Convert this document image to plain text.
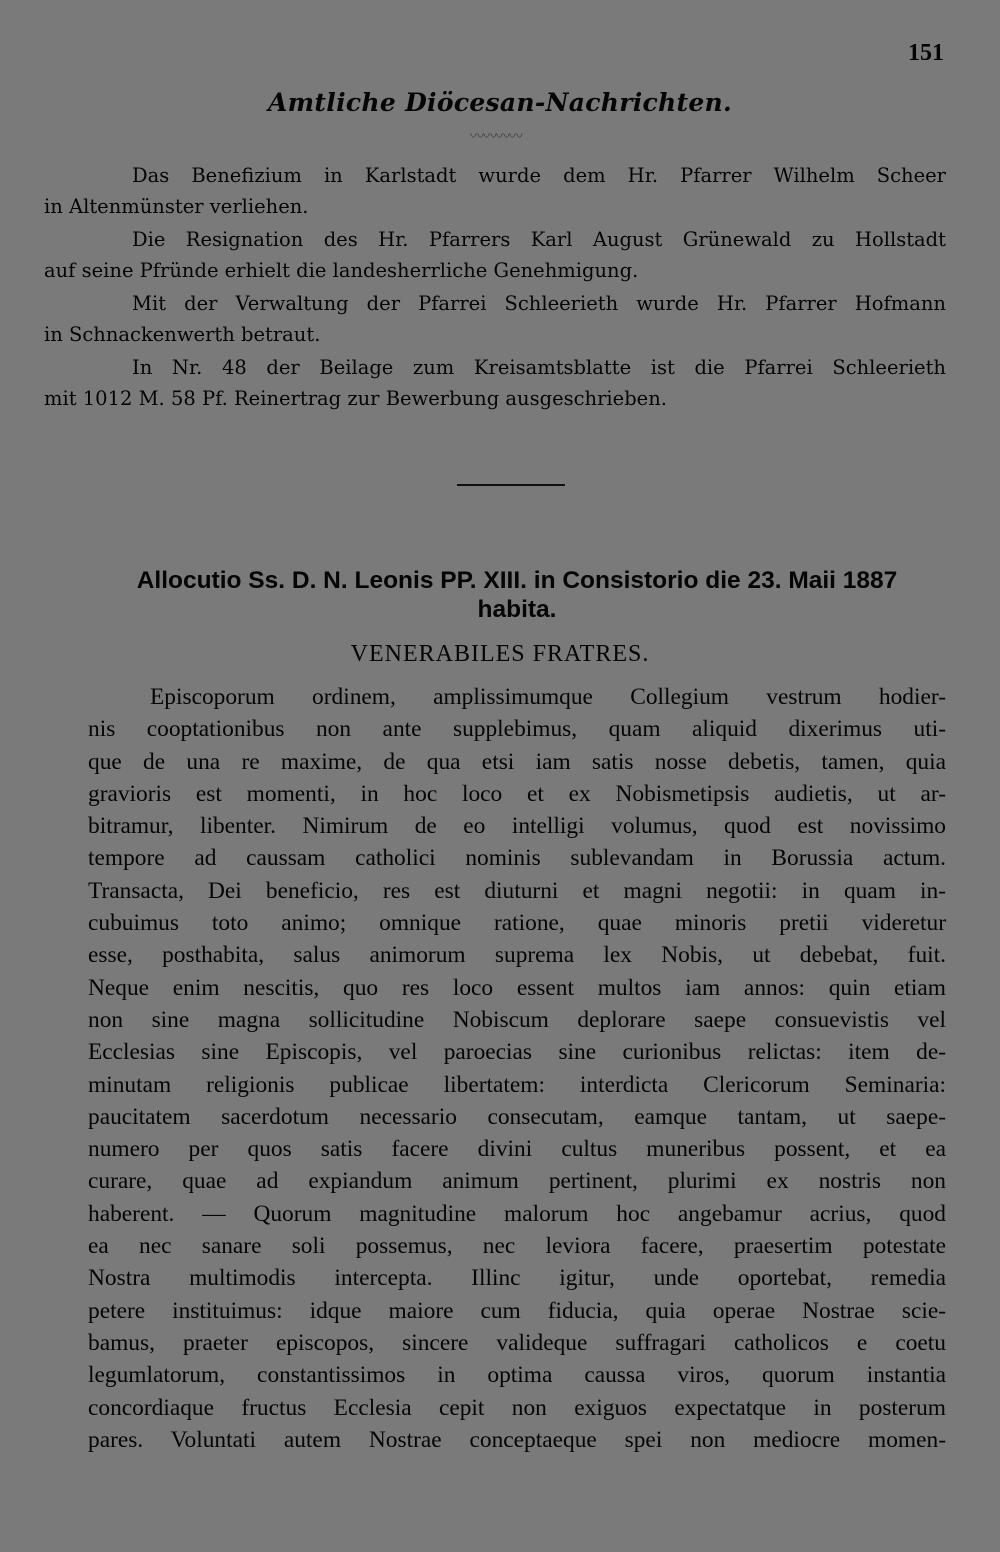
151
Amtliche Diöcesan-Nachrichten.
〰〰〰〰
Das Benefizium in Karlstadt wurde dem Hr. Pfarrer Wilhelm Scheer
in Altenmünster verliehen.
Die Resignation des Hr. Pfarrers Karl August Grünewald zu Hollstadt
auf seine Pfründe erhielt die landesherrliche Genehmigung.
Mit der Verwaltung der Pfarrei Schleerieth wurde Hr. Pfarrer Hofmann
in Schnackenwerth betraut.
In Nr. 48 der Beilage zum Kreisamtsblatte ist die Pfarrei Schleerieth
mit 1012 M. 58 Pf. Reinertrag zur Bewerbung ausgeschrieben.
Allocutio Ss. D. N. Leonis PP. XIII. in Consistorio die 23. Maii 1887
habita.
VENERABILES FRATRES.
Episcoporum ordinem, amplissimumque Collegium vestrum hodier-
nis cooptationibus non ante supplebimus, quam aliquid dixerimus uti-
que de una re maxime, de qua etsi iam satis nosse debetis, tamen, quia
gravioris est momenti, in hoc loco et ex Nobismetipsis audietis, ut ar-
bitramur, libenter. Nimirum de eo intelligi volumus, quod est novissimo
tempore ad caussam catholici nominis sublevandam in Borussia actum.
Transacta, Dei beneficio, res est diuturni et magni negotii: in quam in-
cubuimus toto animo; omnique ratione, quae minoris pretii videretur
esse, posthabita, salus animorum suprema lex Nobis, ut debebat, fuit.
Neque enim nescitis, quo res loco essent multos iam annos: quin etiam
non sine magna sollicitudine Nobiscum deplorare saepe consuevistis vel
Ecclesias sine Episcopis, vel paroecias sine curionibus relictas: item de-
minutam religionis publicae libertatem: interdicta Clericorum Seminaria:
paucitatem sacerdotum necessario consecutam, eamque tantam, ut saepe-
numero per quos satis facere divini cultus muneribus possent, et ea
curare, quae ad expiandum animum pertinent, plurimi ex nostris non
haberent. — Quorum magnitudine malorum hoc angebamur acrius, quod
ea nec sanare soli possemus, nec leviora facere, praesertim potestate
Nostra multimodis intercepta. Illinc igitur, unde oportebat, remedia
petere instituimus: idque maiore cum fiducia, quia operae Nostrae scie-
bamus, praeter episcopos, sincere valideque suffragari catholicos e coetu
legumlatorum, constantissimos in optima caussa viros, quorum instantia
concordiaque fructus Ecclesia cepit non exiguos expectatque in posterum
pares. Voluntati autem Nostrae conceptaeque spei non mediocre momen-
